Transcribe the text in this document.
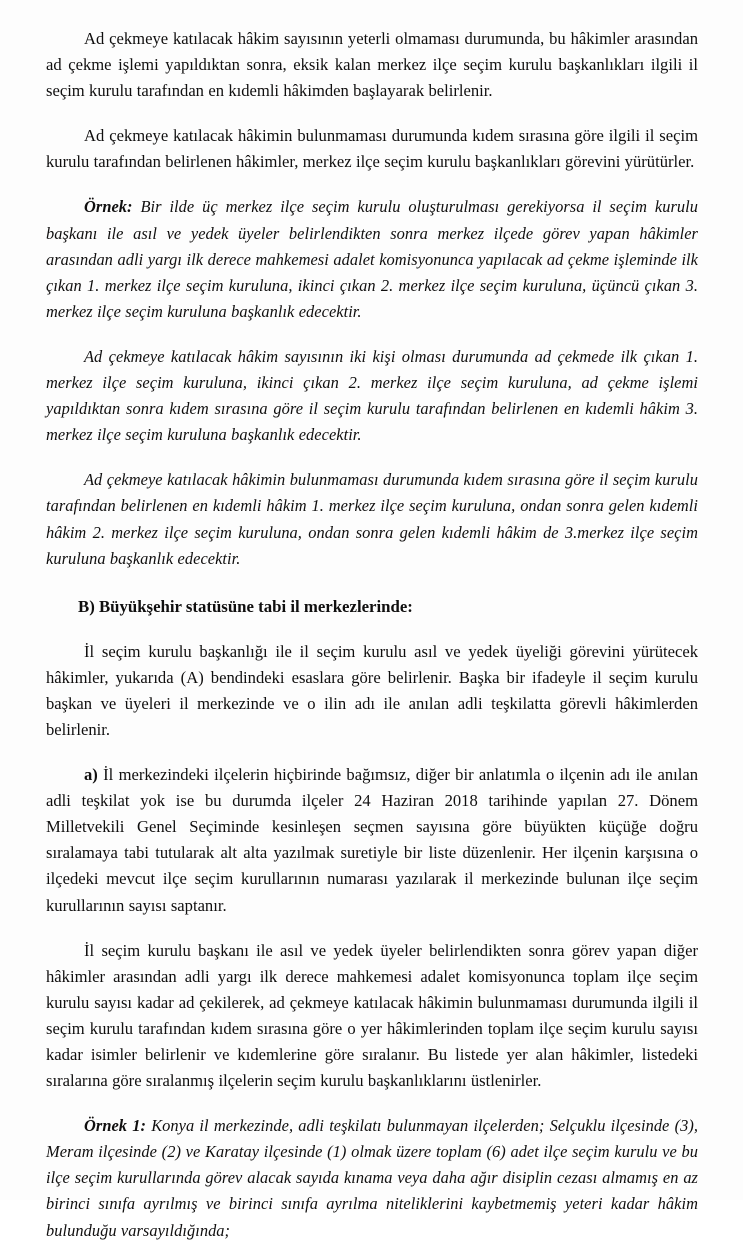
Ad çekmeye katılacak hâkim sayısının yeterli olmaması durumunda, bu hâkimler arasından ad çekme işlemi yapıldıktan sonra, eksik kalan merkez ilçe seçim kurulu başkanlıkları ilgili il seçim kurulu tarafından en kıdemli hâkimden başlayarak belirlenir.

Ad çekmeye katılacak hâkimin bulunmaması durumunda kıdem sırasına göre ilgili il seçim kurulu tarafından belirlenen hâkimler, merkez ilçe seçim kurulu başkanlıkları görevini yürütürler.

Örnek: Bir ilde üç merkez ilçe seçim kurulu oluşturulması gerekiyorsa il seçim kurulu başkanı ile asıl ve yedek üyeler belirlendikten sonra merkez ilçede görev yapan hâkimler arasından adli yargı ilk derece mahkemesi adalet komisyonunca yapılacak ad çekme işleminde ilk çıkan 1. merkez ilçe seçim kuruluna, ikinci çıkan 2. merkez ilçe seçim kuruluna, üçüncü çıkan 3. merkez ilçe seçim kuruluna başkanlık edecektir.

Ad çekmeye katılacak hâkim sayısının iki kişi olması durumunda ad çekmede ilk çıkan 1. merkez ilçe seçim kuruluna, ikinci çıkan 2. merkez ilçe seçim kuruluna, ad çekme işlemi yapıldıktan sonra kıdem sırasına göre il seçim kurulu tarafından belirlenen en kıdemli hâkim 3. merkez ilçe seçim kuruluna başkanlık edecektir.

Ad çekmeye katılacak hâkimin bulunmaması durumunda kıdem sırasına göre il seçim kurulu tarafından belirlenen en kıdemli hâkim 1. merkez ilçe seçim kuruluna, ondan sonra gelen kıdemli hâkim 2. merkez ilçe seçim kuruluna, ondan sonra gelen kıdemli hâkim de 3.merkez ilçe seçim kuruluna başkanlık edecektir.

B) Büyükşehir statüsüne tabi il merkezlerinde:

İl seçim kurulu başkanlığı ile il seçim kurulu asıl ve yedek üyeliği görevini yürütecek hâkimler, yukarıda (A) bendindeki esaslara göre belirlenir. Başka bir ifadeyle il seçim kurulu başkan ve üyeleri il merkezinde ve o ilin adı ile anılan adli teşkilatta görevli hâkimlerden belirlenir.

a) İl merkezindeki ilçelerin hiçbirinde bağımsız, diğer bir anlatımla o ilçenin adı ile anılan adli teşkilat yok ise bu durumda ilçeler 24 Haziran 2018 tarihinde yapılan 27. Dönem Milletvekili Genel Seçiminde kesinleşen seçmen sayısına göre büyükten küçüğe doğru sıralamaya tabi tutularak alt alta yazılmak suretiyle bir liste düzenlenir. Her ilçenin karşısına o ilçedeki mevcut ilçe seçim kurullarının numarası yazılarak il merkezinde bulunan ilçe seçim kurullarının sayısı saptanır.

İl seçim kurulu başkanı ile asıl ve yedek üyeler belirlendikten sonra görev yapan diğer hâkimler arasından adli yargı ilk derece mahkemesi adalet komisyonunca toplam ilçe seçim kurulu sayısı kadar ad çekilerek, ad çekmeye katılacak hâkimin bulunmaması durumunda ilgili il seçim kurulu tarafından kıdem sırasına göre o yer hâkimlerinden toplam ilçe seçim kurulu sayısı kadar isimler belirlenir ve kıdemlerine göre sıralanır. Bu listede yer alan hâkimler, listedeki sıralarına göre sıralanmış ilçelerin seçim kurulu başkanlıklarını üstlenirler.

Örnek 1: Konya il merkezinde, adli teşkilatı bulunmayan ilçelerden; Selçuklu ilçesinde (3), Meram ilçesinde (2) ve Karatay ilçesinde (1) olmak üzere toplam (6) adet ilçe seçim kurulu ve bu ilçe seçim kurullarında görev alacak sayıda kınama veya daha ağır disiplin cezası almamış en az birinci sınıfa ayrılmış ve birinci sınıfa ayrılma niteliklerini kaybetmemiş yeteri kadar hâkim bulunduğu varsayıldığında;
